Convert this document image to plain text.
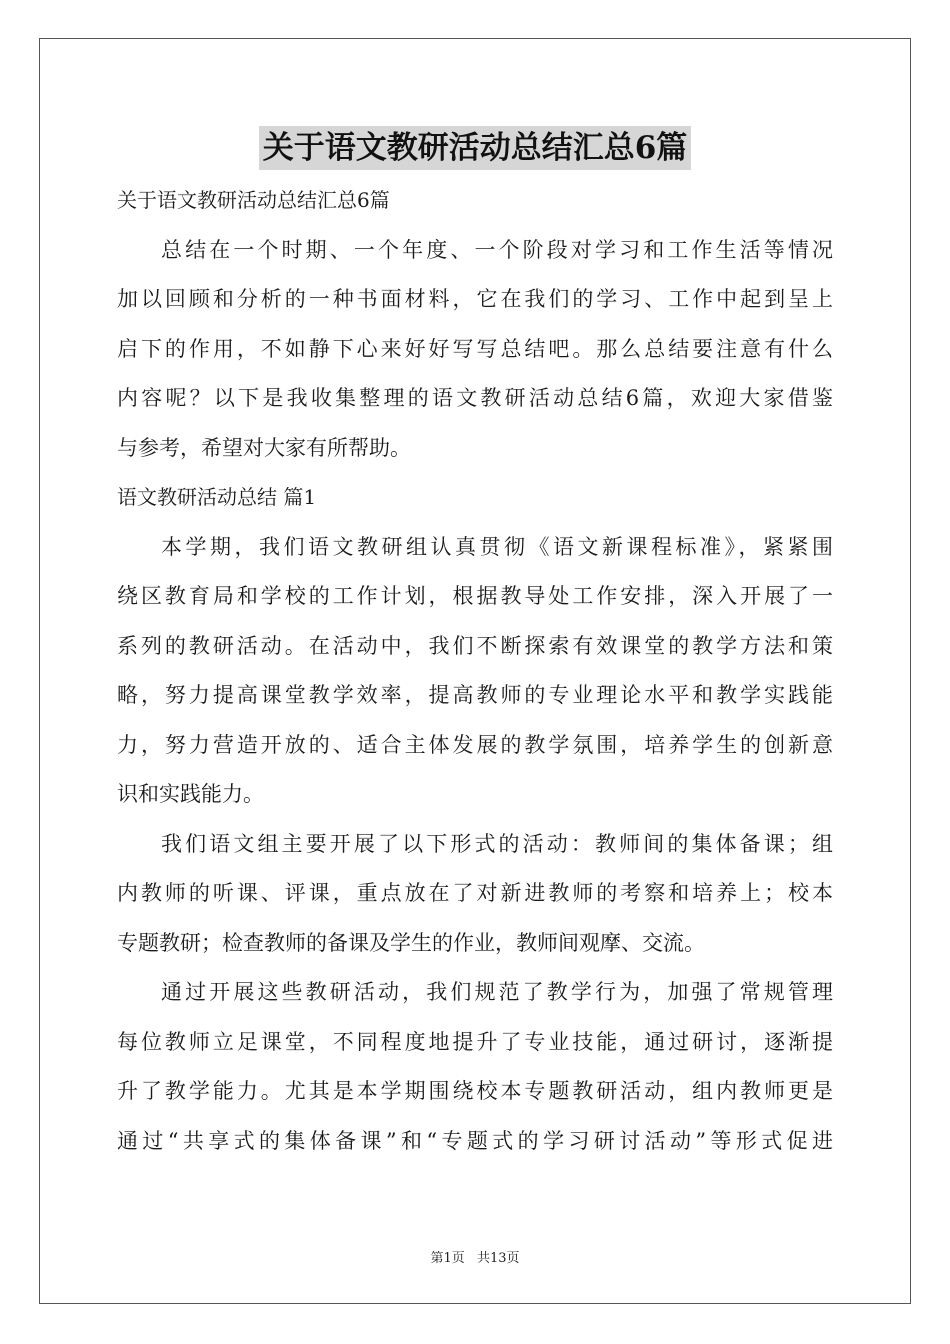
关于语文教研活动总结汇总6篇
关于语文教研活动总结汇总6篇
总结在一个时期、一个年度、一个阶段对学习和工作生活等情况
加以回顾和分析的一种书面材料，它在我们的学习、工作中起到呈上
启下的作用，不如静下心来好好写写总结吧。那么总结要注意有什么
内容呢？以下是我收集整理的语文教研活动总结6篇，欢迎大家借鉴
与参考，希望对大家有所帮助。
语文教研活动总结 篇1
本学期，我们语文教研组认真贯彻《语文新课程标准》，紧紧围
绕区教育局和学校的工作计划，根据教导处工作安排，深入开展了一
系列的教研活动。在活动中，我们不断探索有效课堂的教学方法和策
略，努力提高课堂教学效率，提高教师的专业理论水平和教学实践能
力，努力营造开放的、适合主体发展的教学氛围，培养学生的创新意
识和实践能力。
我们语文组主要开展了以下形式的活动：教师间的集体备课；组
内教师的听课、评课，重点放在了对新进教师的考察和培养上；校本
专题教研；检查教师的备课及学生的作业，教师间观摩、交流。
通过开展这些教研活动，我们规范了教学行为，加强了常规管理
每位教师立足课堂，不同程度地提升了专业技能，通过研讨，逐渐提
升了教学能力。尤其是本学期围绕校本专题教研活动，组内教师更是
通过“共享式的集体备课”和“专题式的学习研讨活动”等形式促进
第1页 共13页
